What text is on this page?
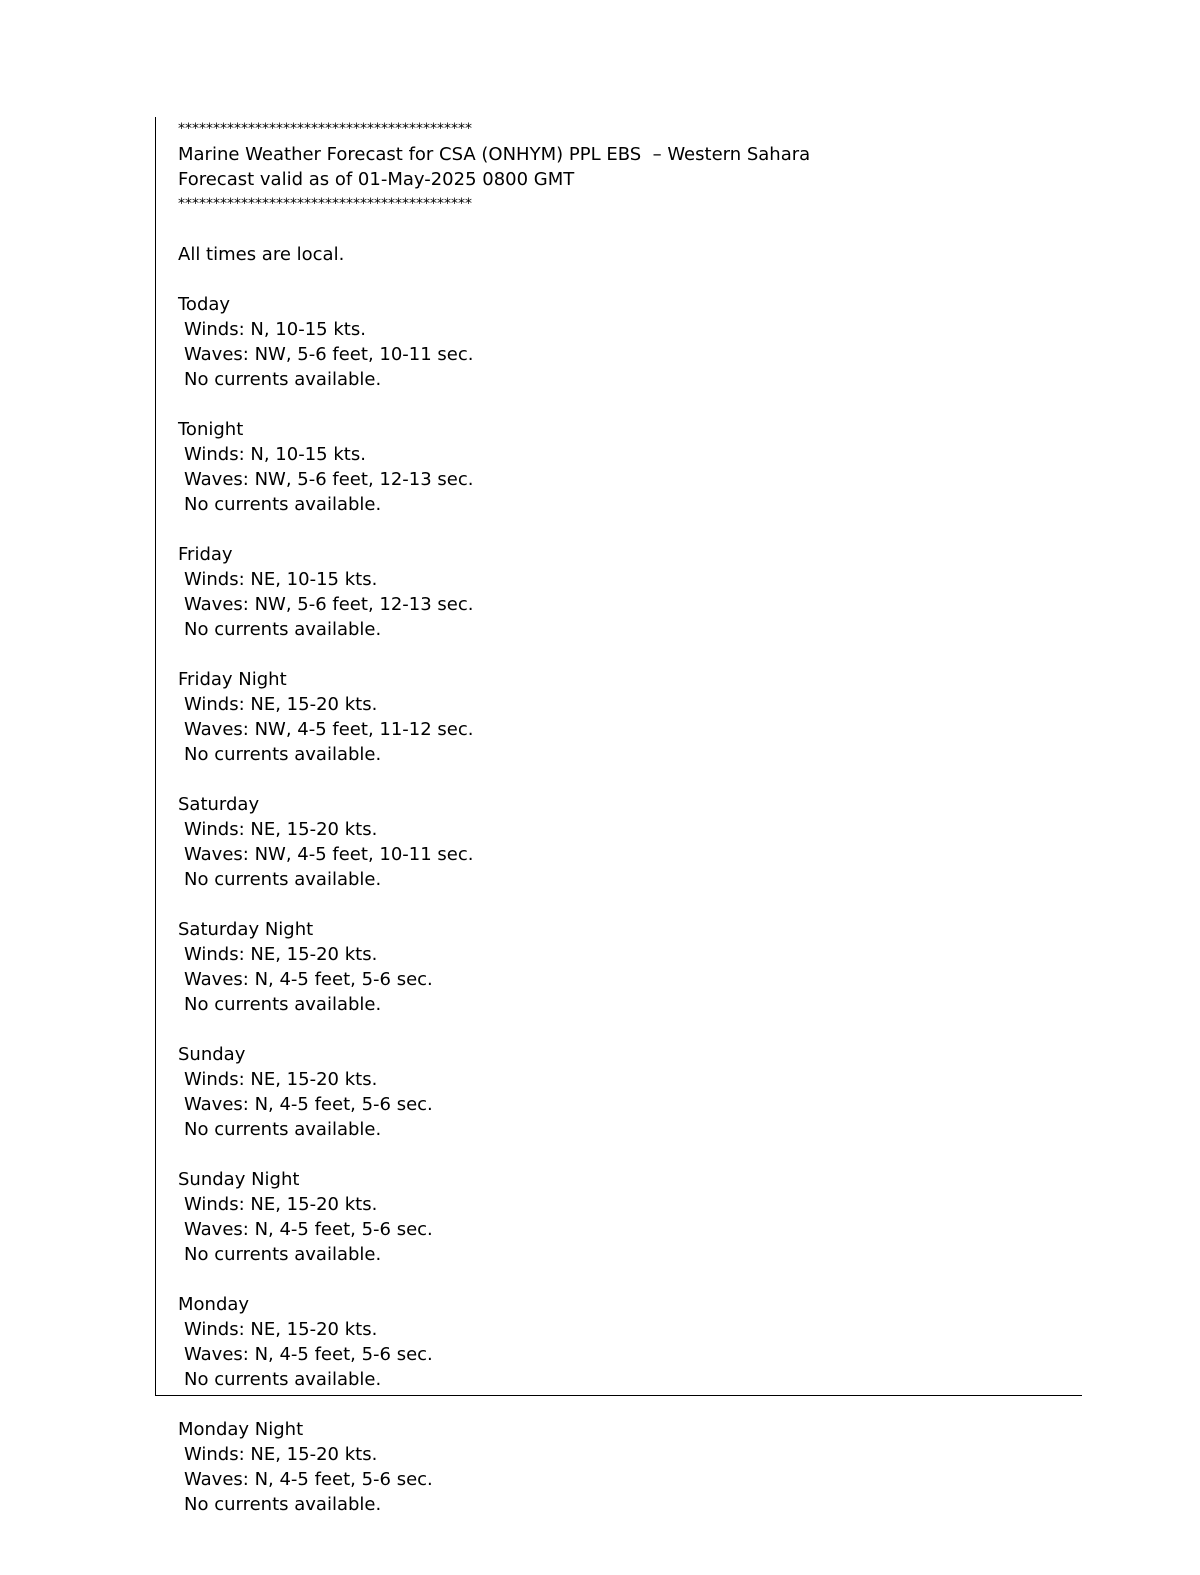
******************************************
Marine Weather Forecast for CSA (ONHYM) PPL EBS  – Western Sahara
Forecast valid as of 01-May-2025 0800 GMT
******************************************
All times are local.
Today
Winds: N, 10-15 kts.
Waves: NW, 5-6 feet, 10-11 sec.
No currents available.
Tonight
Winds: N, 10-15 kts.
Waves: NW, 5-6 feet, 12-13 sec.
No currents available.
Friday
Winds: NE, 10-15 kts.
Waves: NW, 5-6 feet, 12-13 sec.
No currents available.
Friday Night
Winds: NE, 15-20 kts.
Waves: NW, 4-5 feet, 11-12 sec.
No currents available.
Saturday
Winds: NE, 15-20 kts.
Waves: NW, 4-5 feet, 10-11 sec.
No currents available.
Saturday Night
Winds: NE, 15-20 kts.
Waves: N, 4-5 feet, 5-6 sec.
No currents available.
Sunday
Winds: NE, 15-20 kts.
Waves: N, 4-5 feet, 5-6 sec.
No currents available.
Sunday Night
Winds: NE, 15-20 kts.
Waves: N, 4-5 feet, 5-6 sec.
No currents available.
Monday
Winds: NE, 15-20 kts.
Waves: N, 4-5 feet, 5-6 sec.
No currents available.
Monday Night
Winds: NE, 15-20 kts.
Waves: N, 4-5 feet, 5-6 sec.
No currents available.
